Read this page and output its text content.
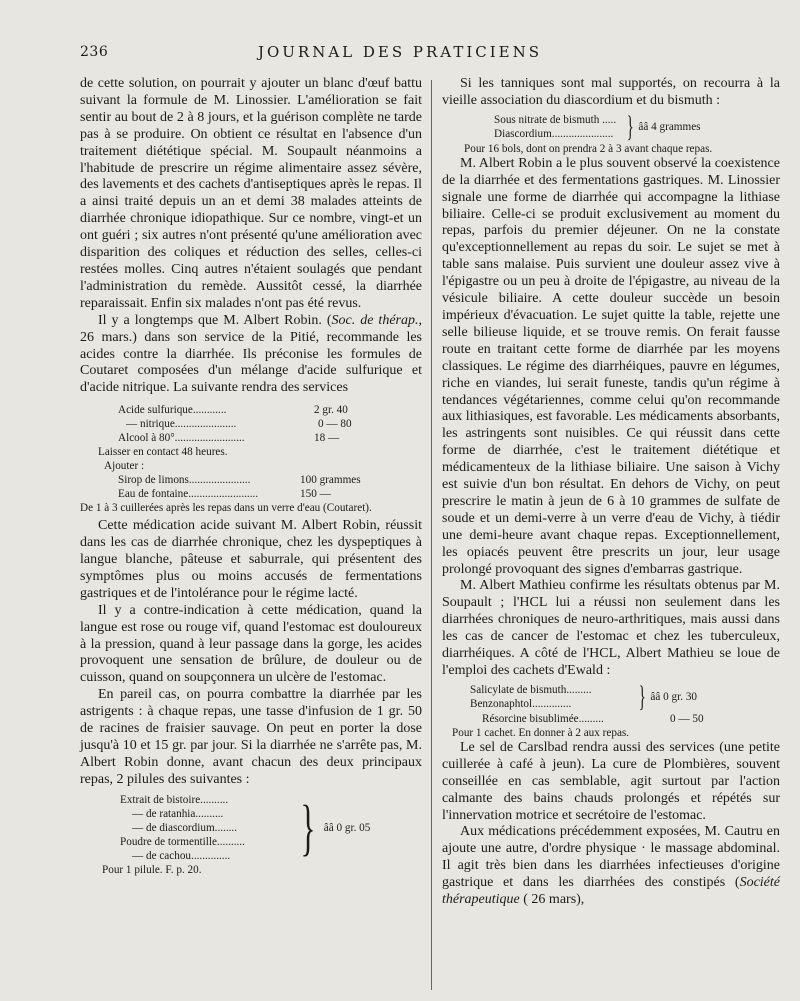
236	JOURNAL DES PRATICIENS

de cette solution, on pourrait y ajouter un blanc d'œuf battu suivant la formule de M. Linossier. L'amélioration se fait sentir au bout de 2 à 8 jours, et la guérison complète ne tarde pas à se produire. On obtient ce résultat en l'absence d'un traitement diététique spécial. M. Soupault néanmoins a l'habitude de prescrire un régime alimentaire assez sévère, des lavements et des cachets d'antiseptiques après le repas. Il a ainsi traité depuis un an et demi 38 malades atteints de diarrhée chronique idiopathique. Sur ce nombre, vingt-et un ont guéri ; six autres n'ont présenté qu'une amélioration avec disparition des coliques et réduction des selles, celles-ci restées molles. Cinq autres n'étaient soulagés que pendant l'administration du remède. Aussitôt cessé, la diarrhée reparaissait. Enfin six malades n'ont pas été revus.

Il y a longtemps que M. Albert Robin. (Soc. de thérap., 26 mars.) dans son service de la Pitié, recommande les acides contre la diarrhée. Ils préconise les formules de Coutaret composées d'un mélange d'acide sulfurique et d'acide nitrique. La suivante rendra des services

Acide sulfurique............	2 gr. 40
— nitrique......................	0 — 80
Alcool à 80°.........................	18 —
Laisser en contact 48 heures.
Ajouter :
Sirop de limons......................	100 grammes
Eau de fontaine.........................	150 —
De 1 à 3 cuillerées après les repas dans un verre d'eau (Coutaret).

Cette médication acide suivant M. Albert Robin, réussit dans les cas de diarrhée chronique, chez les dyspeptiques à langue blanche, pâteuse et saburrale, qui présentent des symptômes plus ou moins accusés de fermentations gastriques et de l'intolérance pour le régime lacté.

Il y a contre-indication à cette médication, quand la langue est rose ou rouge vif, quand l'estomac est douloureux à la pression, quand à leur passage dans la gorge, les acides provoquent une sensation de brûlure, de douleur ou de cuisson, quand on soupçonnera un ulcère de l'estomac.

En pareil cas, on pourra combattre la diarrhée par les astrigents : à chaque repas, une tasse d'infusion de 1 gr. 50 de racines de fraisier sauvage. On peut en porter la dose jusqu'à 10 et 15 gr. par jour. Si la diarrhée ne s'arrête pas, M. Albert Robin donne, avant chacun des deux principaux repas, 2 pilules des suivantes :

Extrait de bistoire..........
— de ratanhia..........
— de diascordium........
Poudre de tormentille..........
— de cachou..............	} ââ 0 gr. 05
Pour 1 pilule. F. p. 20.

Si les tanniques sont mal supportés, on recourra à la vieille association du diascordium et du bismuth :

Sous nitrate de bismuth .....
Diascordium...................... } ââ 4 grammes
Pour 16 bols, dont on prendra 2 à 3 avant chaque repas.

M. Albert Robin a le plus souvent observé la coexistence de la diarrhée et des fermentations gastriques. M. Linossier signale une forme de diarrhée qui accompagne la lithiase biliaire. Celle-ci se produit exclusivement au moment du repas, parfois du premier déjeuner. On ne la constate qu'exceptionnellement au repas du soir. Le sujet se met à table sans malaise. Puis survient une douleur assez vive à l'épigastre ou un peu à droite de l'épigastre, au niveau de la vésicule biliaire. A cette douleur succède un besoin impérieux d'évacuation. Le sujet quitte la table, rejette une selle bilieuse liquide, et se trouve remis. On ferait fausse route en traitant cette forme de diarrhée par les moyens classiques. Le régime des diarrhéiques, pauvre en légumes, riche en viandes, lui serait funeste, tandis qu'un régime à tendances végétariennes, comme celui qu'on recommande aux lithiasiques, est favorable. Les médicaments absorbants, les astringents sont nuisibles. Ce qui réussit dans cette forme de diarrhée, c'est le traitement diététique et médicamenteux de la lithiase biliaire. Une saison à Vichy est suivie d'un bon résultat. En dehors de Vichy, on peut prescrire le matin à jeun de 6 à 10 grammes de sulfate de soude et un demi-verre à un verre d'eau de Vichy, à tiédir une demi-heure avant chaque repas. Exceptionnellement, les opiacés peuvent être prescrits un jour, leur usage prolongé provoquant des signes d'embarras gastrique.

M. Albert Mathieu confirme les résultats obtenus par M. Soupault ; l'HCL lui a réussi non seulement dans les diarrhées chroniques de neuro-arthritiques, mais aussi dans les cas de cancer de l'estomac et chez les tuberculeux, diarrhéiques. A côté de l'HCL, Albert Mathieu se loue de l'emploi des cachets d'Ewald :

Salicylate de bismuth.........
Benzonaphtol..............	} ââ 0 gr. 30
Résorcine bisublimée.........	0 — 50
Pour 1 cachet. En donner à 2 aux repas.

Le sel de Carslbad rendra aussi des services (une petite cuillerée à café à jeun). La cure de Plombières, souvent conseillée en cas semblable, agit surtout par l'action calmante des bains chauds prolongés et répétés sur l'innervation motrice et secrétoire de l'estomac.

Aux médications précédemment exposées, M. Cautru en ajoute une autre, d'ordre physique · le massage abdominal. Il agit très bien dans les diarrhées infectieuses d'origine gastrique et dans les diarrhées des constipés (Société thérapeutique ( 26 mars),
